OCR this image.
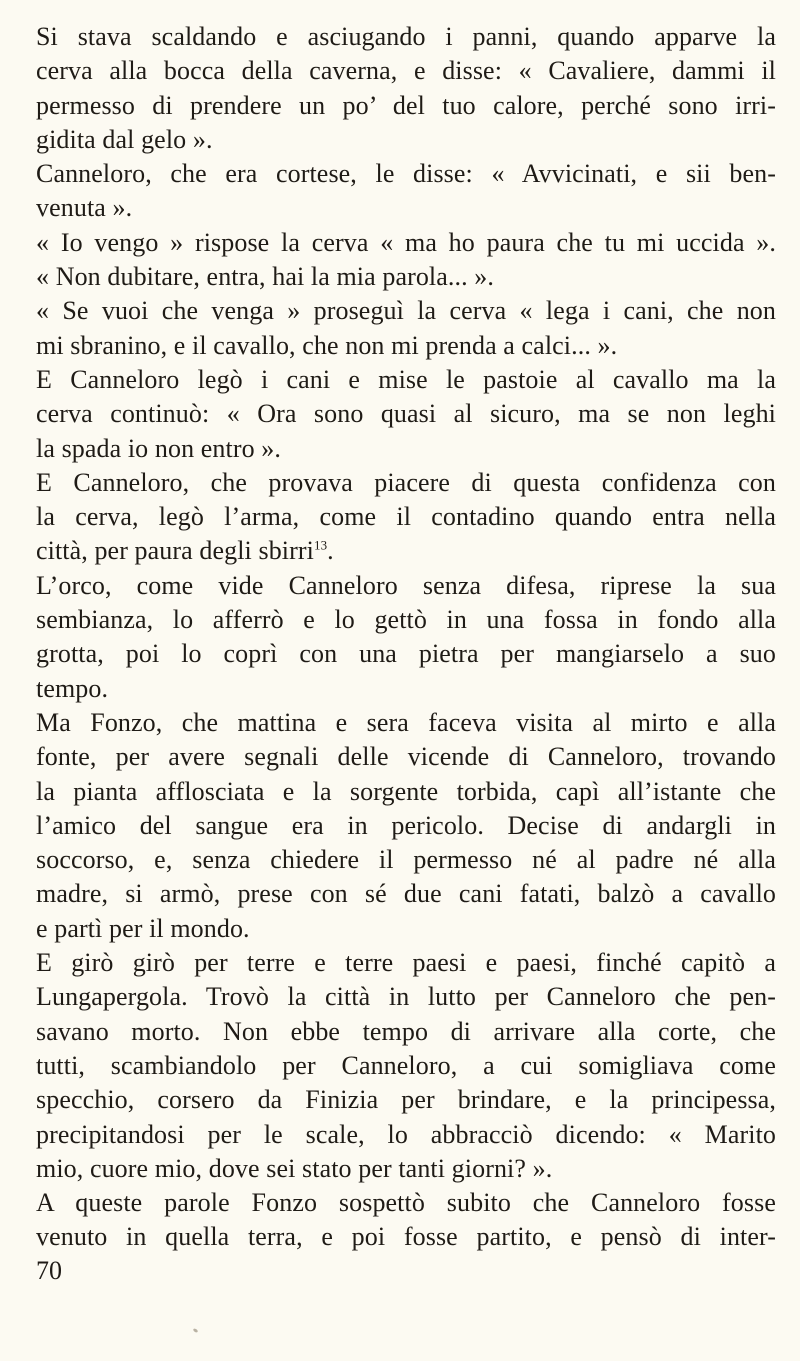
Si stava scaldando e asciugando i panni, quando apparve la
cerva alla bocca della caverna, e disse: « Cavaliere, dammi il
permesso di prendere un po’ del tuo calore, perché sono irri-
gidita dal gelo ».
Canneloro, che era cortese, le disse: « Avvicinati, e sii ben-
venuta ».
« Io vengo » rispose la cerva « ma ho paura che tu mi uccida ».
« Non dubitare, entra, hai la mia parola... ».
« Se vuoi che venga » proseguì la cerva « lega i cani, che non
mi sbranino, e il cavallo, che non mi prenda a calci... ».
E Canneloro legò i cani e mise le pastoie al cavallo ma la
cerva continuò: « Ora sono quasi al sicuro, ma se non leghi
la spada io non entro ».
E Canneloro, che provava piacere di questa confidenza con
la cerva, legò l’arma, come il contadino quando entra nella
città, per paura degli sbirri$^{13}$.
L’orco, come vide Canneloro senza difesa, riprese la sua
sembianza, lo afferrò e lo gettò in una fossa in fondo alla
grotta, poi lo coprì con una pietra per mangiarselo a suo
tempo.
Ma Fonzo, che mattina e sera faceva visita al mirto e alla
fonte, per avere segnali delle vicende di Canneloro, trovando
la pianta afflosciata e la sorgente torbida, capì all’istante che
l’amico del sangue era in pericolo. Decise di andargli in
soccorso, e, senza chiedere il permesso né al padre né alla
madre, si armò, prese con sé due cani fatati, balzò a cavallo
e partì per il mondo.
E girò girò per terre e terre paesi e paesi, finché capitò a
Lungapergola. Trovò la città in lutto per Canneloro che pen-
savano morto. Non ebbe tempo di arrivare alla corte, che
tutti, scambiandolo per Canneloro, a cui somigliava come
specchio, corsero da Finizia per brindare, e la principessa,
precipitandosi per le scale, lo abbracciò dicendo: « Marito
mio, cuore mio, dove sei stato per tanti giorni? ».
A queste parole Fonzo sospettò subito che Canneloro fosse
venuto in quella terra, e poi fosse partito, e pensò di inter-
70
